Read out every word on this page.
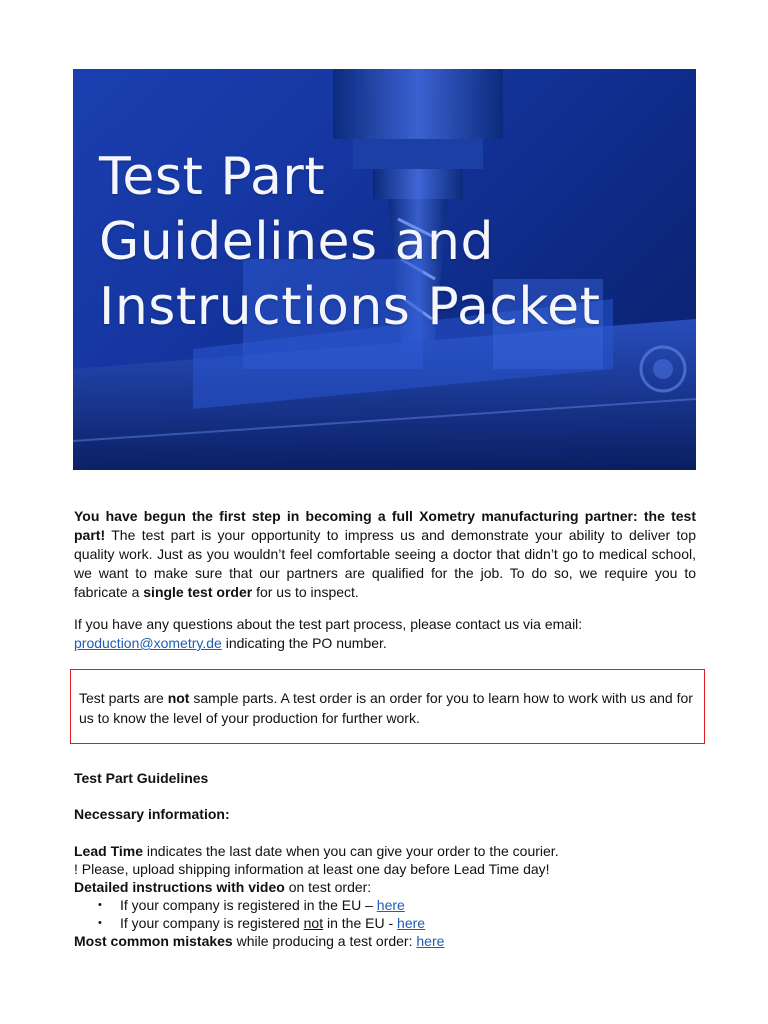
Test Part
Guidelines and
Instructions Packet

You have begun the first step in becoming a full Xometry manufacturing partner: the test part! The test part is your opportunity to impress us and demonstrate your ability to deliver top quality work. Just as you wouldn’t feel comfortable seeing a doctor that didn’t go to medical school, we want to make sure that our partners are qualified for the job. To do so, we require you to fabricate a single test order for us to inspect.

If you have any questions about the test part process, please contact us via email:
production@xometry.de indicating the PO number.

Test parts are not sample parts. A test order is an order for you to learn how to work with us and for us to know the level of your production for further work.
Test Part Guidelines
Necessary information:
Lead Time indicates the last date when you can give your order to the courier.
! Please, upload shipping information at least one day before Lead Time day!
Detailed instructions with video on test order:
• If your company is registered in the EU – here
• If your company is registered not in the EU - here
Most common mistakes while producing a test order: here
